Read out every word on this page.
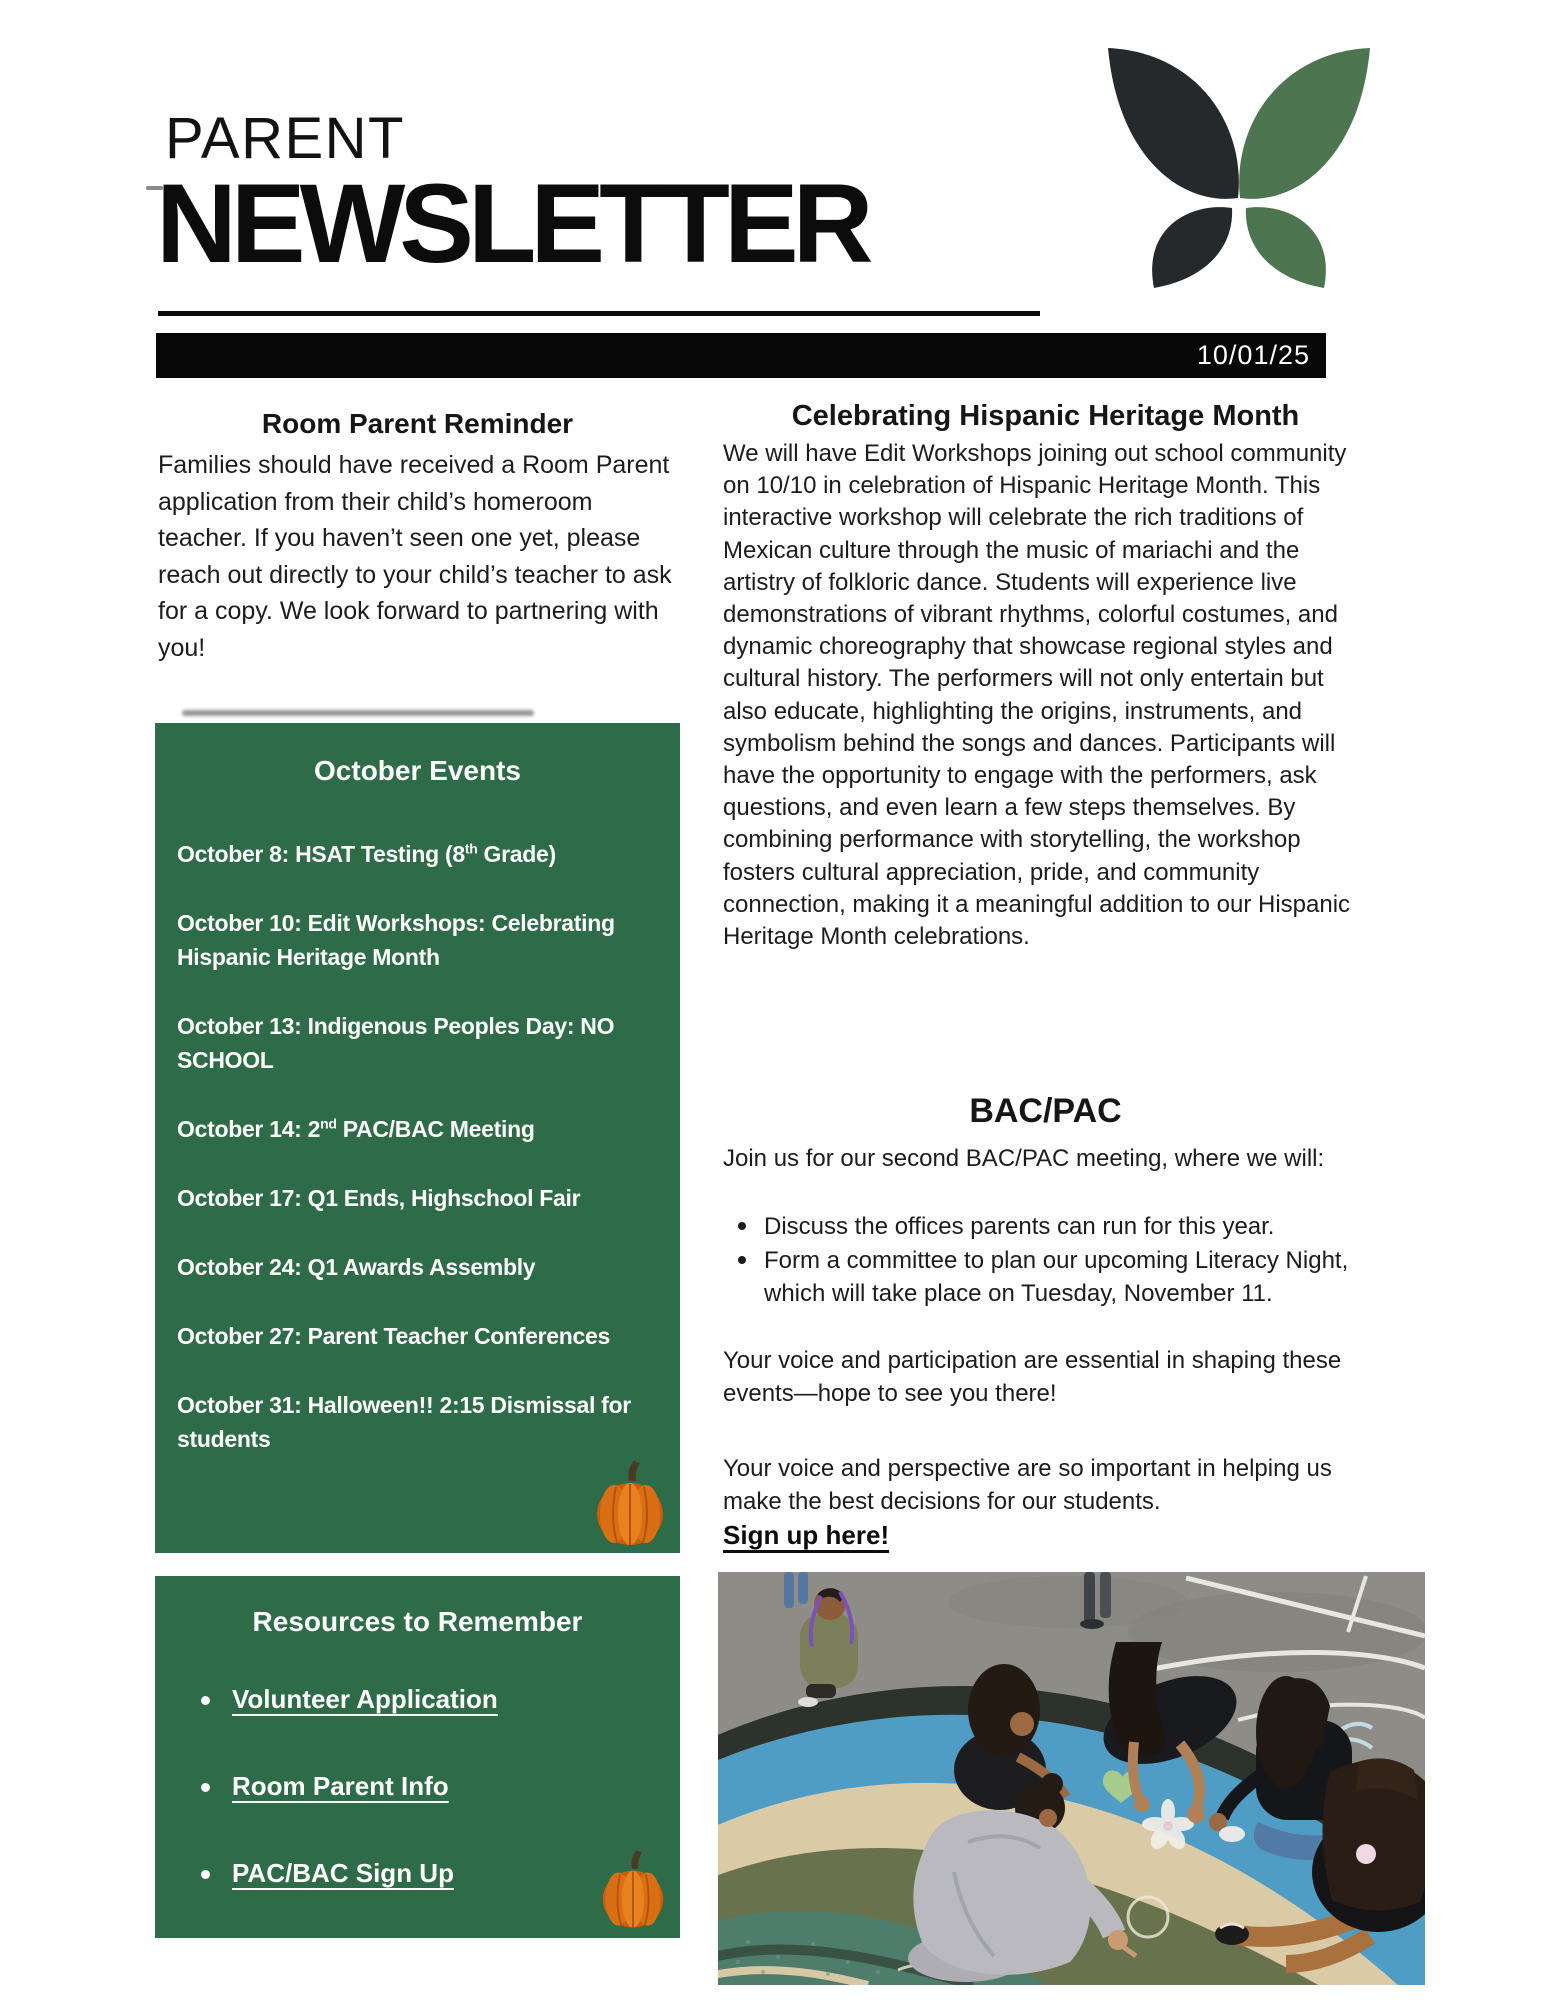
PARENT
NEWSLETTER
10/01/25
Room Parent Reminder
Families should have received a Room Parent application from their child’s homeroom teacher. If you haven’t seen one yet, please reach out directly to your child’s teacher to ask for a copy. We look forward to partnering with you!
October Events
October 8: HSAT Testing (8th Grade)
October 10: Edit Workshops: Celebrating Hispanic Heritage Month
October 13: Indigenous Peoples Day: NO SCHOOL
October 14: 2nd PAC/BAC Meeting
October 17: Q1 Ends, Highschool Fair
October 24: Q1 Awards Assembly
October 27: Parent Teacher Conferences
October 31: Halloween!! 2:15 Dismissal for students
Resources to Remember
Volunteer Application
Room Parent Info
PAC/BAC Sign Up
Celebrating Hispanic Heritage Month
We will have Edit Workshops joining out school community on 10/10 in celebration of Hispanic Heritage Month. This interactive workshop will celebrate the rich traditions of Mexican culture through the music of mariachi and the artistry of folkloric dance. Students will experience live demonstrations of vibrant rhythms, colorful costumes, and dynamic choreography that showcase regional styles and cultural history. The performers will not only entertain but also educate, highlighting the origins, instruments, and symbolism behind the songs and dances. Participants will have the opportunity to engage with the performers, ask questions, and even learn a few steps themselves. By combining performance with storytelling, the workshop fosters cultural appreciation, pride, and community connection, making it a meaningful addition to our Hispanic Heritage Month celebrations.
BAC/PAC
Join us for our second BAC/PAC meeting, where we will:
Discuss the offices parents can run for this year.
Form a committee to plan our upcoming Literacy Night, which will take place on Tuesday, November 11.
Your voice and participation are essential in shaping these events—hope to see you there!
Your voice and perspective are so important in helping us make the best decisions for our students.
Sign up here!
